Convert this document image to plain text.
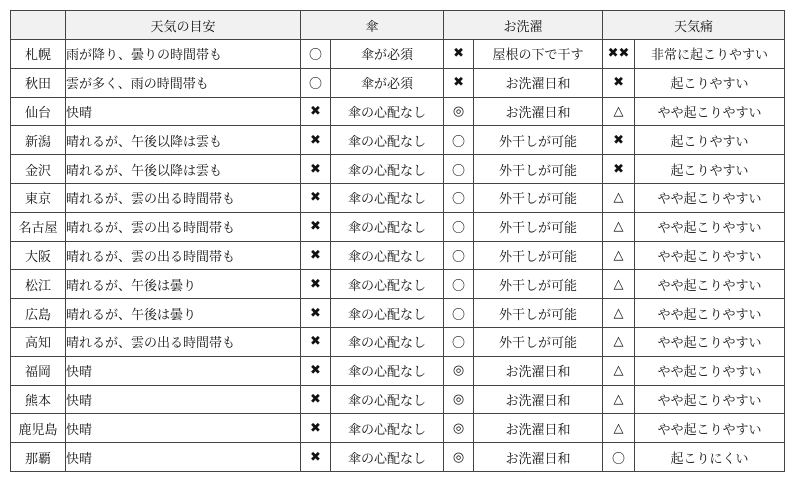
	天気の目安	傘		お洗濯		天気痛	
札幌	雨が降り、曇りの時間帯も	〇	傘が必須	✖	屋根の下で干す	✖✖	非常に起こりやすい
秋田	雲が多く、雨の時間帯も	〇	傘が必須	✖	お洗濯日和	✖	起こりやすい
仙台	快晴	✖	傘の心配なし	◎	お洗濯日和	△	やや起こりやすい
新潟	晴れるが、午後以降は雲も	✖	傘の心配なし	〇	外干しが可能	✖	起こりやすい
金沢	晴れるが、午後以降は雲も	✖	傘の心配なし	〇	外干しが可能	✖	起こりやすい
東京	晴れるが、雲の出る時間帯も	✖	傘の心配なし	〇	外干しが可能	△	やや起こりやすい
名古屋	晴れるが、雲の出る時間帯も	✖	傘の心配なし	〇	外干しが可能	△	やや起こりやすい
大阪	晴れるが、雲の出る時間帯も	✖	傘の心配なし	〇	外干しが可能	△	やや起こりやすい
松江	晴れるが、午後は曇り	✖	傘の心配なし	〇	外干しが可能	△	やや起こりやすい
広島	晴れるが、午後は曇り	✖	傘の心配なし	〇	外干しが可能	△	やや起こりやすい
高知	晴れるが、雲の出る時間帯も	✖	傘の心配なし	〇	外干しが可能	△	やや起こりやすい
福岡	快晴	✖	傘の心配なし	◎	お洗濯日和	△	やや起こりやすい
熊本	快晴	✖	傘の心配なし	◎	お洗濯日和	△	やや起こりやすい
鹿児島	快晴	✖	傘の心配なし	◎	お洗濯日和	△	やや起こりやすい
那覇	快晴	✖	傘の心配なし	◎	お洗濯日和	〇	起こりにくい
